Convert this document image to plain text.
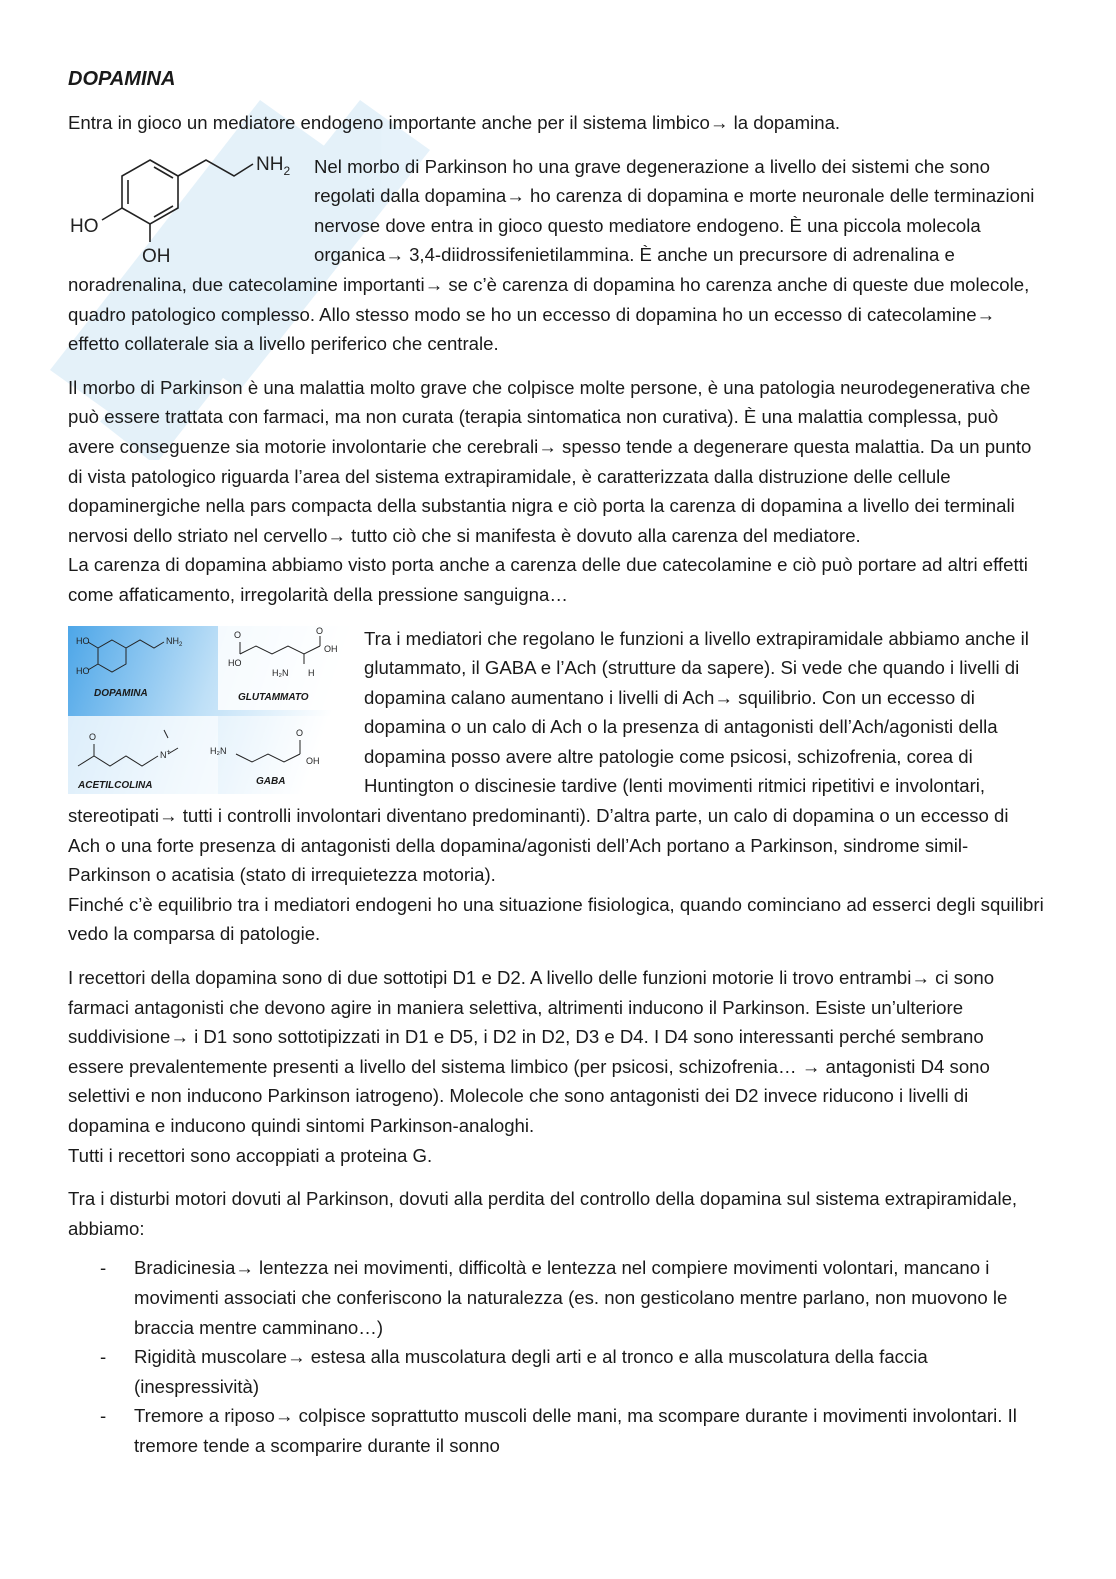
DOPAMINA

Entra in gioco un mediatore endogeno importante anche per il sistema limbico→ la dopamina.

$NH_2$
HO
OH

Nel morbo di Parkinson ho una grave degenerazione a livello dei sistemi che sono regolati dalla dopamina→ ho carenza di dopamina e morte neuronale delle terminazioni nervose dove entra in gioco questo mediatore endogeno. È una piccola molecola organica→ 3,4-diidrossifenietilammina. È anche un precursore di adrenalina e noradrenalina, due catecolamine importanti→ se c’è carenza di dopamina ho carenza anche di queste due molecole, quadro patologico complesso. Allo stesso modo se ho un eccesso di dopamina ho un eccesso di catecolamine→ effetto collaterale sia a livello periferico che centrale.

Il morbo di Parkinson è una malattia molto grave che colpisce molte persone, è una patologia neurodegenerativa che può essere trattata con farmaci, ma non curata (terapia sintomatica non curativa). È una malattia complessa, può avere conseguenze sia motorie involontarie che cerebrali→ spesso tende a degenerare questa malattia. Da un punto di vista patologico riguarda l’area del sistema extrapiramidale, è caratterizzata dalla distruzione delle cellule dopaminergiche nella pars compacta della substantia nigra e ciò porta la carenza di dopamina a livello dei terminali nervosi dello striato nel cervello→ tutto ciò che si manifesta è dovuto alla carenza del mediatore.

La carenza di dopamina abbiamo visto porta anche a carenza delle due catecolamine e ciò può portare ad altri effetti come affaticamento, irregolarità della pressione sanguigna…

HO
HO
$NH_2$
HO
O	O
OH
H₂N H
O
N+	H₂N
O
OH
DOPAMINA	GLUTAMMATO
ACETILCOLINA	GABA

Tra i mediatori che regolano le funzioni a livello extrapiramidale abbiamo anche il glutammato, il GABA e l’Ach (strutture da sapere). Si vede che quando i livelli di dopamina calano aumentano i livelli di Ach→ squilibrio. Con un eccesso di dopamina o un calo di Ach o la presenza di antagonisti dell’Ach/agonisti della dopamina posso avere altre patologie come psicosi, schizofrenia, corea di Huntington o discinesie tardive (lenti movimenti ritmici ripetitivi e involontari, stereotipati→ tutti i controlli involontari diventano predominanti). D’altra parte, un calo di dopamina o un eccesso di Ach o una forte presenza di antagonisti della dopamina/agonisti dell’Ach portano a Parkinson, sindrome simil-Parkinson o acatisia (stato di irrequietezza motoria).

Finché c’è equilibrio tra i mediatori endogeni ho una situazione fisiologica, quando cominciano ad esserci degli squilibri vedo la comparsa di patologie.

I recettori della dopamina sono di due sottotipi D1 e D2. A livello delle funzioni motorie li trovo entrambi→ ci sono farmaci antagonisti che devono agire in maniera selettiva, altrimenti inducono il Parkinson. Esiste un’ulteriore suddivisione→ i D1 sono sottotipizzati in D1 e D5, i D2 in D2, D3 e D4. I D4 sono interessanti perché sembrano essere prevalentemente presenti a livello del sistema limbico (per psicosi, schizofrenia… → antagonisti D4 sono selettivi e non inducono Parkinson iatrogeno). Molecole che sono antagonisti dei D2 invece riducono i livelli di dopamina e inducono quindi sintomi Parkinson-analoghi.

Tutti i recettori sono accoppiati a proteina G.

Tra i disturbi motori dovuti al Parkinson, dovuti alla perdita del controllo della dopamina sul sistema extrapiramidale, abbiamo:

- Bradicinesia→ lentezza nei movimenti, difficoltà e lentezza nel compiere movimenti volontari, mancano i movimenti associati che conferiscono la naturalezza (es. non gesticolano mentre parlano, non muovono le braccia mentre camminano…)
- Rigidità muscolare→ estesa alla muscolatura degli arti e al tronco e alla muscolatura della faccia (inespressività)
- Tremore a riposo→ colpisce soprattutto muscoli delle mani, ma scompare durante i movimenti involontari. Il tremore tende a scomparire durante il sonno
